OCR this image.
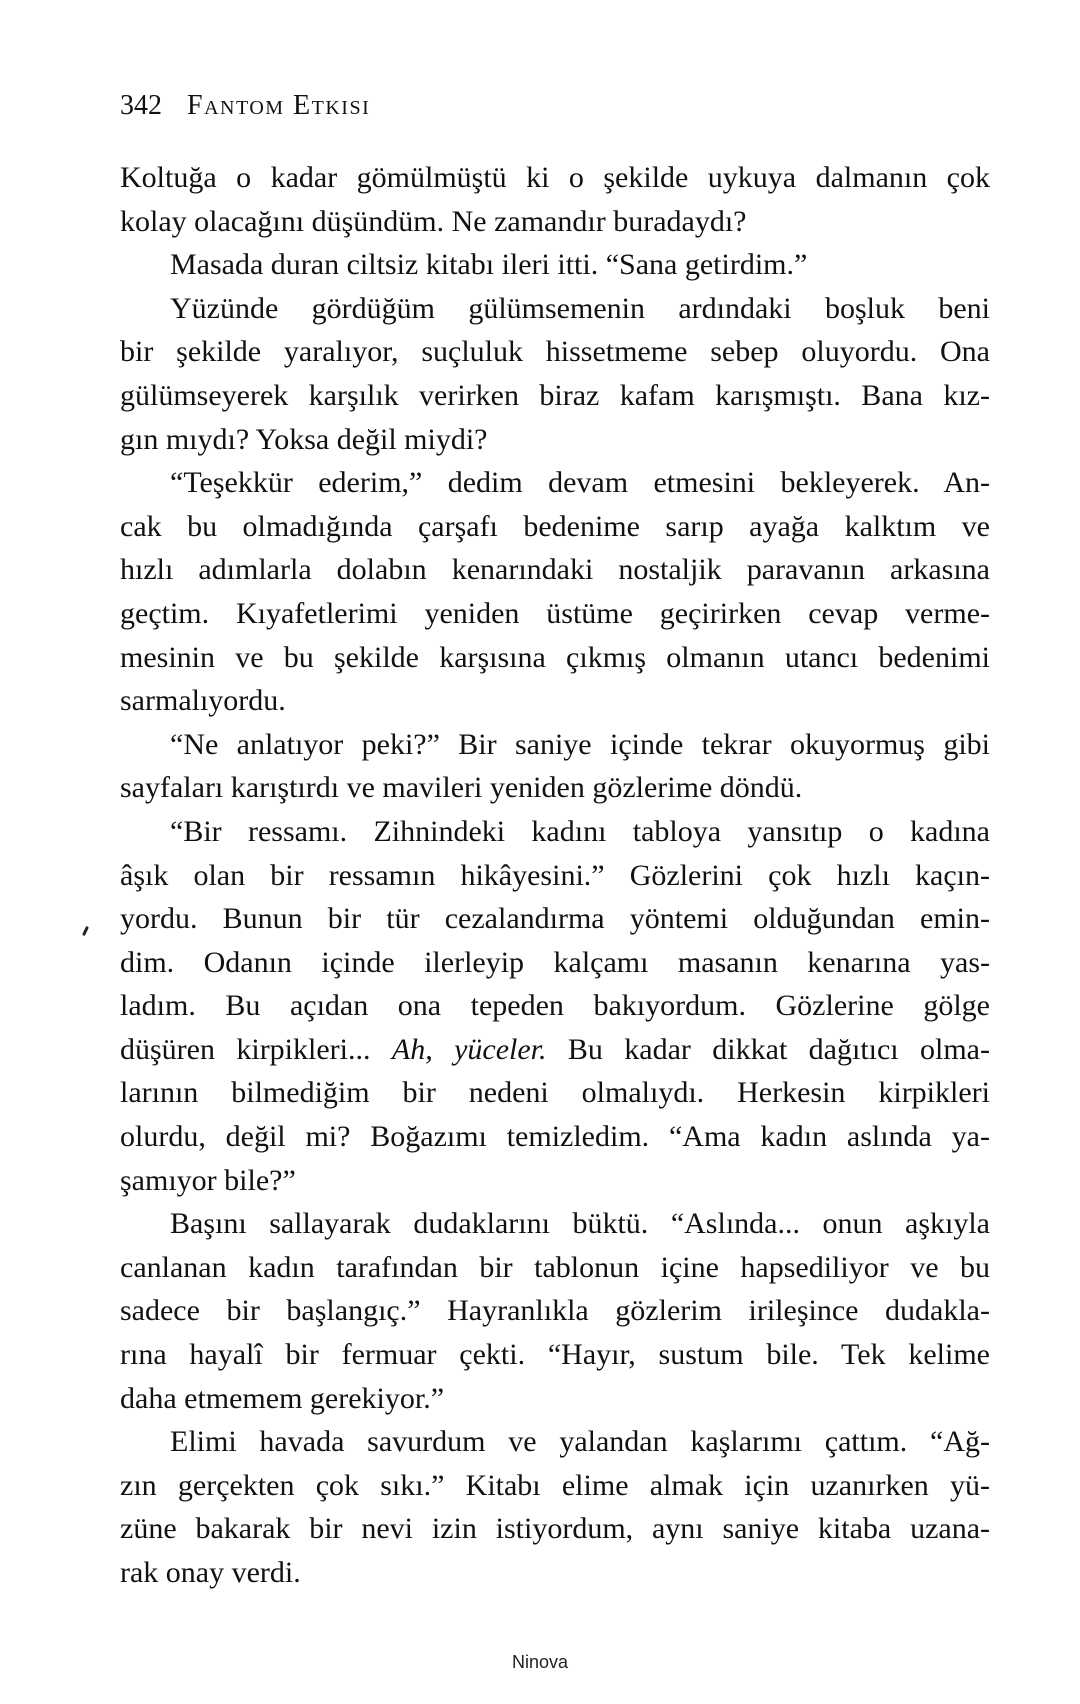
342 Fantom Etkisi
Koltuğa o kadar gömülmüştü ki o şekilde uykuya dalmanın çok
kolay olacağını düşündüm. Ne zamandır buradaydı?
Masada duran ciltsiz kitabı ileri itti. “Sana getirdim.”
Yüzünde gördüğüm gülümsemenin ardındaki boşluk beni
bir şekilde yaralıyor, suçluluk hissetmeme sebep oluyordu. Ona
gülümseyerek karşılık verirken biraz kafam karışmıştı. Bana kız-
gın mıydı? Yoksa değil miydi?
“Teşekkür ederim,” dedim devam etmesini bekleyerek. An-
cak bu olmadığında çarşafı bedenime sarıp ayağa kalktım ve
hızlı adımlarla dolabın kenarındaki nostaljik paravanın arkasına
geçtim. Kıyafetlerimi yeniden üstüme geçirirken cevap verme-
mesinin ve bu şekilde karşısına çıkmış olmanın utancı bedenimi
sarmalıyordu.
“Ne anlatıyor peki?” Bir saniye içinde tekrar okuyormuş gibi
sayfaları karıştırdı ve mavileri yeniden gözlerime döndü.
“Bir ressamı. Zihnindeki kadını tabloya yansıtıp o kadına
âşık olan bir ressamın hikâyesini.” Gözlerini çok hızlı kaçın-
yordu. Bunun bir tür cezalandırma yöntemi olduğundan emin-
dim. Odanın içinde ilerleyip kalçamı masanın kenarına yas-
ladım. Bu açıdan ona tepeden bakıyordum. Gözlerine gölge
düşüren kirpikleri... Ah, yüceler. Bu kadar dikkat dağıtıcı olma-
larının bilmediğim bir nedeni olmalıydı. Herkesin kirpikleri
olurdu, değil mi? Boğazımı temizledim. “Ama kadın aslında ya-
şamıyor bile?”
Başını sallayarak dudaklarını büktü. “Aslında... onun aşkıyla
canlanan kadın tarafından bir tablonun içine hapsediliyor ve bu
sadece bir başlangıç.” Hayranlıkla gözlerim irileşince dudakla-
rına hayalî bir fermuar çekti. “Hayır, sustum bile. Tek kelime
daha etmemem gerekiyor.”
Elimi havada savurdum ve yalandan kaşlarımı çattım. “Ağ-
zın gerçekten çok sıkı.” Kitabı elime almak için uzanırken yü-
züne bakarak bir nevi izin istiyordum, aynı saniye kitaba uzana-
rak onay verdi.
Ninova
